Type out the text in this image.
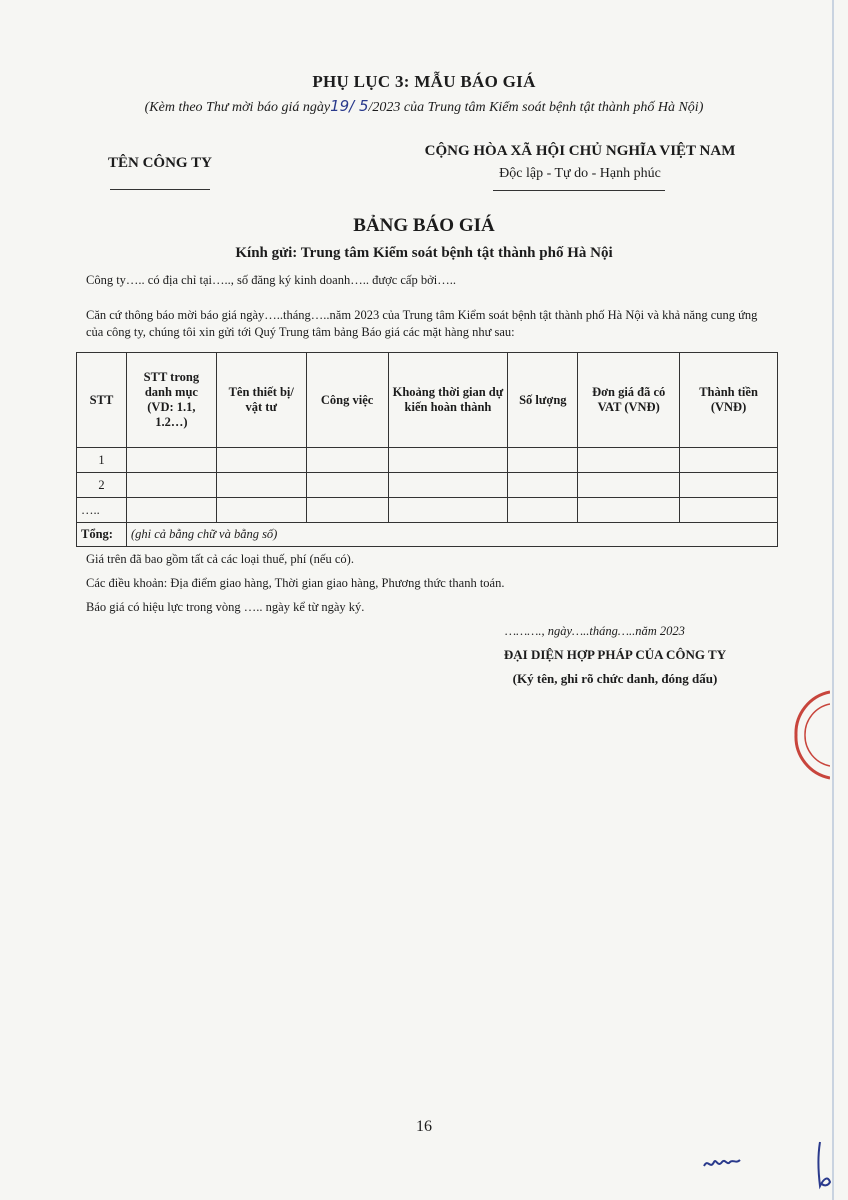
PHỤ LỤC 3: MẪU BÁO GIÁ
(Kèm theo Thư mời báo giá ngày19/ 5/2023 của Trung tâm Kiểm soát bệnh tật thành phố Hà Nội)
TÊN CÔNG TY
CỘNG HÒA XÃ HỘI CHỦ NGHĨA VIỆT NAM
Độc lập - Tự do - Hạnh phúc
BẢNG BÁO GIÁ
Kính gửi: Trung tâm Kiểm soát bệnh tật thành phố Hà Nội
Công ty….. có địa chỉ tại….., số đăng ký kinh doanh….. được cấp bởi…..
Căn cứ thông báo mời báo giá ngày…..tháng…..năm 2023 của Trung tâm Kiểm soát bệnh tật thành phố Hà Nội và khả năng cung ứng của công ty, chúng tôi xin gửi tới Quý Trung tâm bảng Báo giá các mặt hàng như sau:
STT	STT trong danh mục (VD: 1.1, 1.2…)	Tên thiết bị/ vật tư	Công việc	Khoảng thời gian dự kiến hoàn thành	Số lượng	Đơn giá đã có VAT (VNĐ)	Thành tiền (VNĐ)
1							
2							
…..							
Tổng:	(ghi cả bằng chữ và bằng số)						
Giá trên đã bao gồm tất cả các loại thuế, phí (nếu có).
Các điều khoản: Địa điểm giao hàng, Thời gian giao hàng, Phương thức thanh toán.
Báo giá có hiệu lực trong vòng ….. ngày kể từ ngày ký.
………., ngày…..tháng…..năm 2023
ĐẠI DIỆN HỢP PHÁP CỦA CÔNG TY
(Ký tên, ghi rõ chức danh, đóng dấu)
16
